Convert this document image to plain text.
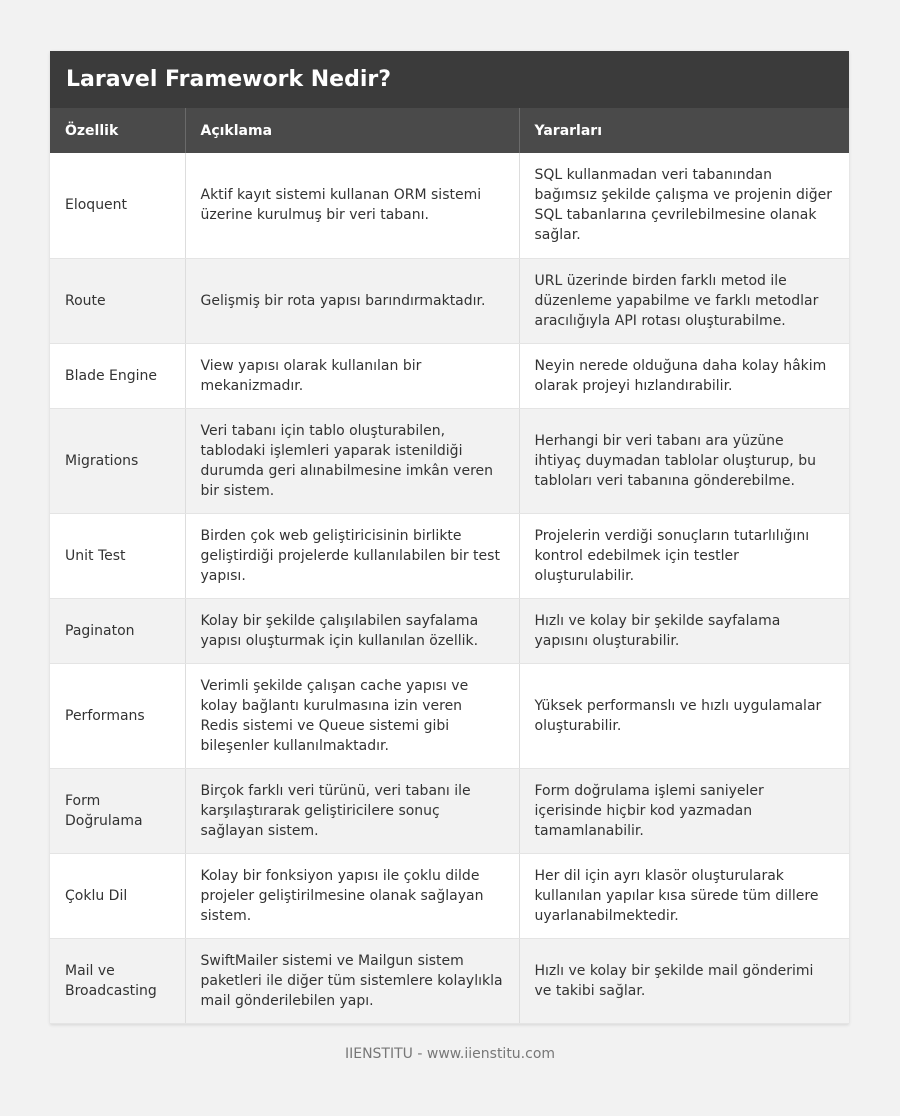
Laravel Framework Nedir?
Özellik	Açıklama	Yararları
Eloquent	Aktif kayıt sistemi kullanan ORM sistemi üzerine kurulmuş bir veri tabanı.	SQL kullanmadan veri tabanından bağımsız şekilde çalışma ve projenin diğer SQL tabanlarına çevrilebilmesine olanak sağlar.
Route	Gelişmiş bir rota yapısı barındırmaktadır.	URL üzerinde birden farklı metod ile düzenleme yapabilme ve farklı metodlar aracılığıyla API rotası oluşturabilme.
Blade Engine	View yapısı olarak kullanılan bir mekanizmadır.	Neyin nerede olduğuna daha kolay hâkim olarak projeyi hızlandırabilir.
Migrations	Veri tabanı için tablo oluşturabilen, tablodaki işlemleri yaparak istenildiği durumda geri alınabilmesine imkân veren bir sistem.	Herhangi bir veri tabanı ara yüzüne ihtiyaç duymadan tablolar oluşturup, bu tabloları veri tabanına gönderebilme.
Unit Test	Birden çok web geliştiricisinin birlikte geliştirdiği projelerde kullanılabilen bir test yapısı.	Projelerin verdiği sonuçların tutarlılığını kontrol edebilmek için testler oluşturulabilir.
Paginaton	Kolay bir şekilde çalışılabilen sayfalama yapısı oluşturmak için kullanılan özellik.	Hızlı ve kolay bir şekilde sayfalama yapısını oluşturabilir.
Performans	Verimli şekilde çalışan cache yapısı ve kolay bağlantı kurulmasına izin veren Redis sistemi ve Queue sistemi gibi bileşenler kullanılmaktadır.	Yüksek performanslı ve hızlı uygulamalar oluşturabilir.
Form Doğrulama	Birçok farklı veri türünü, veri tabanı ile karşılaştırarak geliştiricilere sonuç sağlayan sistem.	Form doğrulama işlemi saniyeler içerisinde hiçbir kod yazmadan tamamlanabilir.
Çoklu Dil	Kolay bir fonksiyon yapısı ile çoklu dilde projeler geliştirilmesine olanak sağlayan sistem.	Her dil için ayrı klasör oluşturularak kullanılan yapılar kısa sürede tüm dillere uyarlanabilmektedir.
Mail ve Broadcasting	SwiftMailer sistemi ve Mailgun sistem paketleri ile diğer tüm sistemlere kolaylıkla mail gönderilebilen yapı.	Hızlı ve kolay bir şekilde mail gönderimi ve takibi sağlar.
IIENSTITU - www.iienstitu.com
